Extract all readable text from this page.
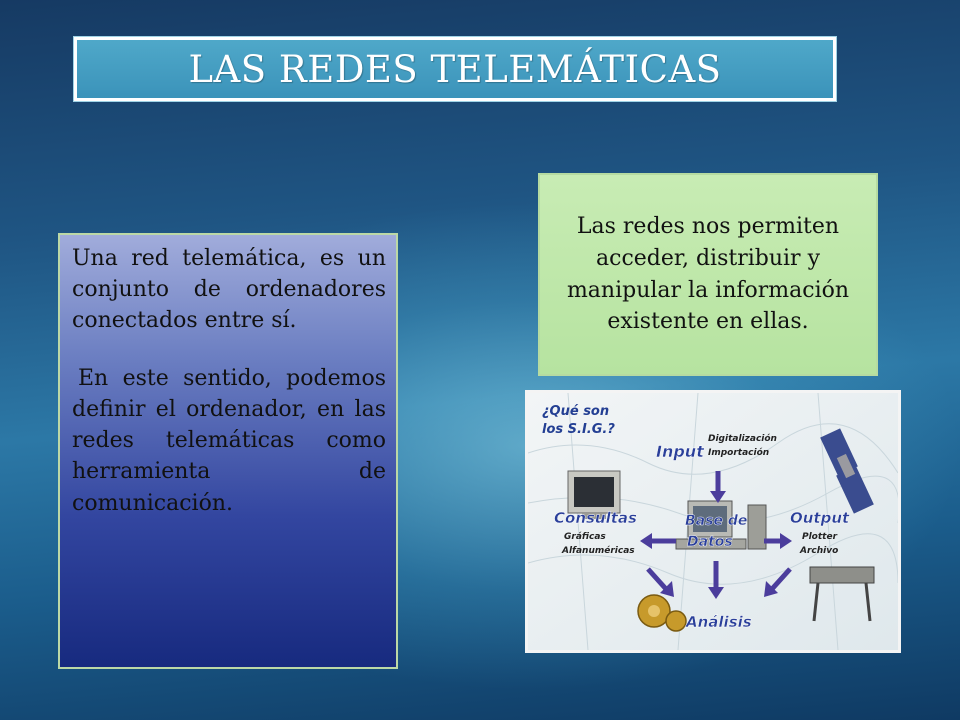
LAS REDES TELEMÁTICAS

Una red telemática, es un conjunto de ordenadores conectados entre sí.

En este sentido, podemos definir el ordenador, en las redes telemáticas como herramienta de comunicación.

Las redes nos permiten acceder, distribuir y manipular la información existente en ellas.
¿Qué son
los S.I.G.?
Input
Digitalización
Importación
Base de
Datos
Consultas
Gráficas
Alfanuméricas
Output
Plotter
Archivo
Análisis
